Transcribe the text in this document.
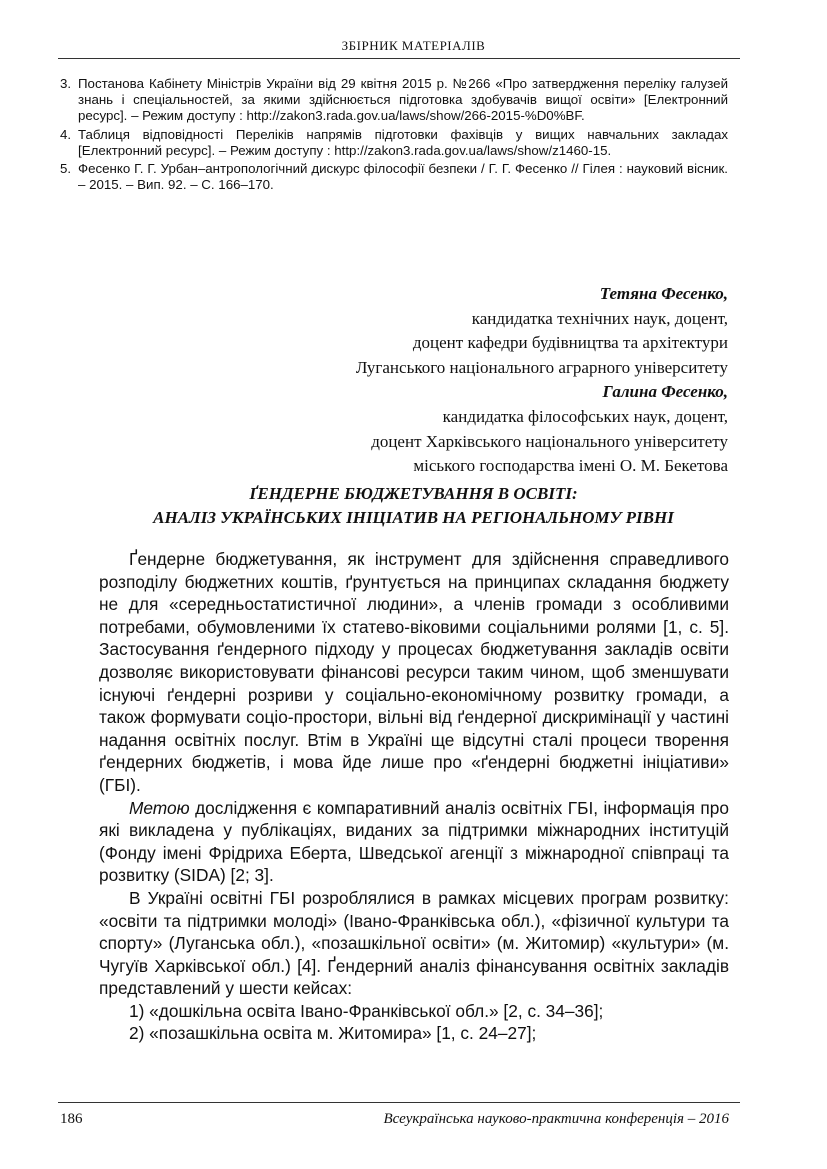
ЗБІРНИК МАТЕРІАЛІВ
3. Постанова Кабінету Міністрів України від 29 квітня 2015 р. №266 «Про затвердження переліку галузей знань і спеціальностей, за якими здійснюється підготовка здобувачів вищої освіти» [Електронний ресурс]. – Режим доступу : http://zakon3.rada.gov.ua/laws/show/266-2015-%D0%BF.
4. Таблиця відповідності Переліків напрямів підготовки фахівців у вищих навчальних закладах [Електронний ресурс]. – Режим доступу : http://zakon3.rada.gov.ua/laws/show/z1460-15.
5. Фесенко Г. Г. Урбан–антропологічний дискурс філософії безпеки / Г. Г. Фесенко // Гілея : науковий вісник. – 2015. – Вип. 92. – С. 166–170.
Тетяна Фесенко,
кандидатка технічних наук, доцент,
доцент кафедри будівництва та архітектури
Луганського національного аграрного університету
Галина Фесенко,
кандидатка філософських наук, доцент,
доцент Харківського національного університету
міського господарства імені О. М. Бекетова
ҐЕНДЕРНЕ БЮДЖЕТУВАННЯ В ОСВІТІ:
АНАЛІЗ УКРАЇНСЬКИХ ІНІЦІАТИВ НА РЕГІОНАЛЬНОМУ РІВНІ

Ґендерне бюджетування, як інструмент для здійснення справедливого розподілу бюджетних коштів, ґрунтується на принципах складання бюджету не для «середньостатистичної людини», а членів громади з особливими потребами, обумовленими їх статево-віковими соціальними ролями [1, с. 5]. Застосування ґендерного підходу у процесах бюджетування закладів освіти дозволяє використовувати фінансові ресурси таким чином, щоб зменшувати існуючі ґендерні розриви у соціально-економічному розвитку громади, а також формувати соціо-простори, вільні від ґендерної дискримінації у частині надання освітніх послуг. Втім в Україні ще відсутні сталі процеси творення ґендерних бюджетів, і мова йде лише про «ґендерні бюджетні ініціативи» (ГБІ).

Метою дослідження є компаративний аналіз освітніх ГБІ, інформація про які викладена у публікаціях, виданих за підтримки міжнародних інституцій (Фонду імені Фрідриха Еберта, Шведської агенції з міжнародної співпраці та розвитку (SIDA) [2; 3].

В Україні освітні ГБІ розроблялися в рамках місцевих програм розвитку: «освіти та підтримки молоді» (Івано-Франківська обл.), «фізичної культури та спорту» (Луганська обл.), «позашкільної освіти» (м. Житомир) «культури» (м. Чугуїв Харківської обл.) [4]. Ґендерний аналіз фінансування освітніх закладів представлений у шести кейсах:

1) «дошкільна освіта Івано-Франківської обл.» [2, с. 34–36];

2) «позашкільна освіта м. Житомира» [1, с. 24–27];

186	Всеукраїнська науково-практична конференція – 2016
